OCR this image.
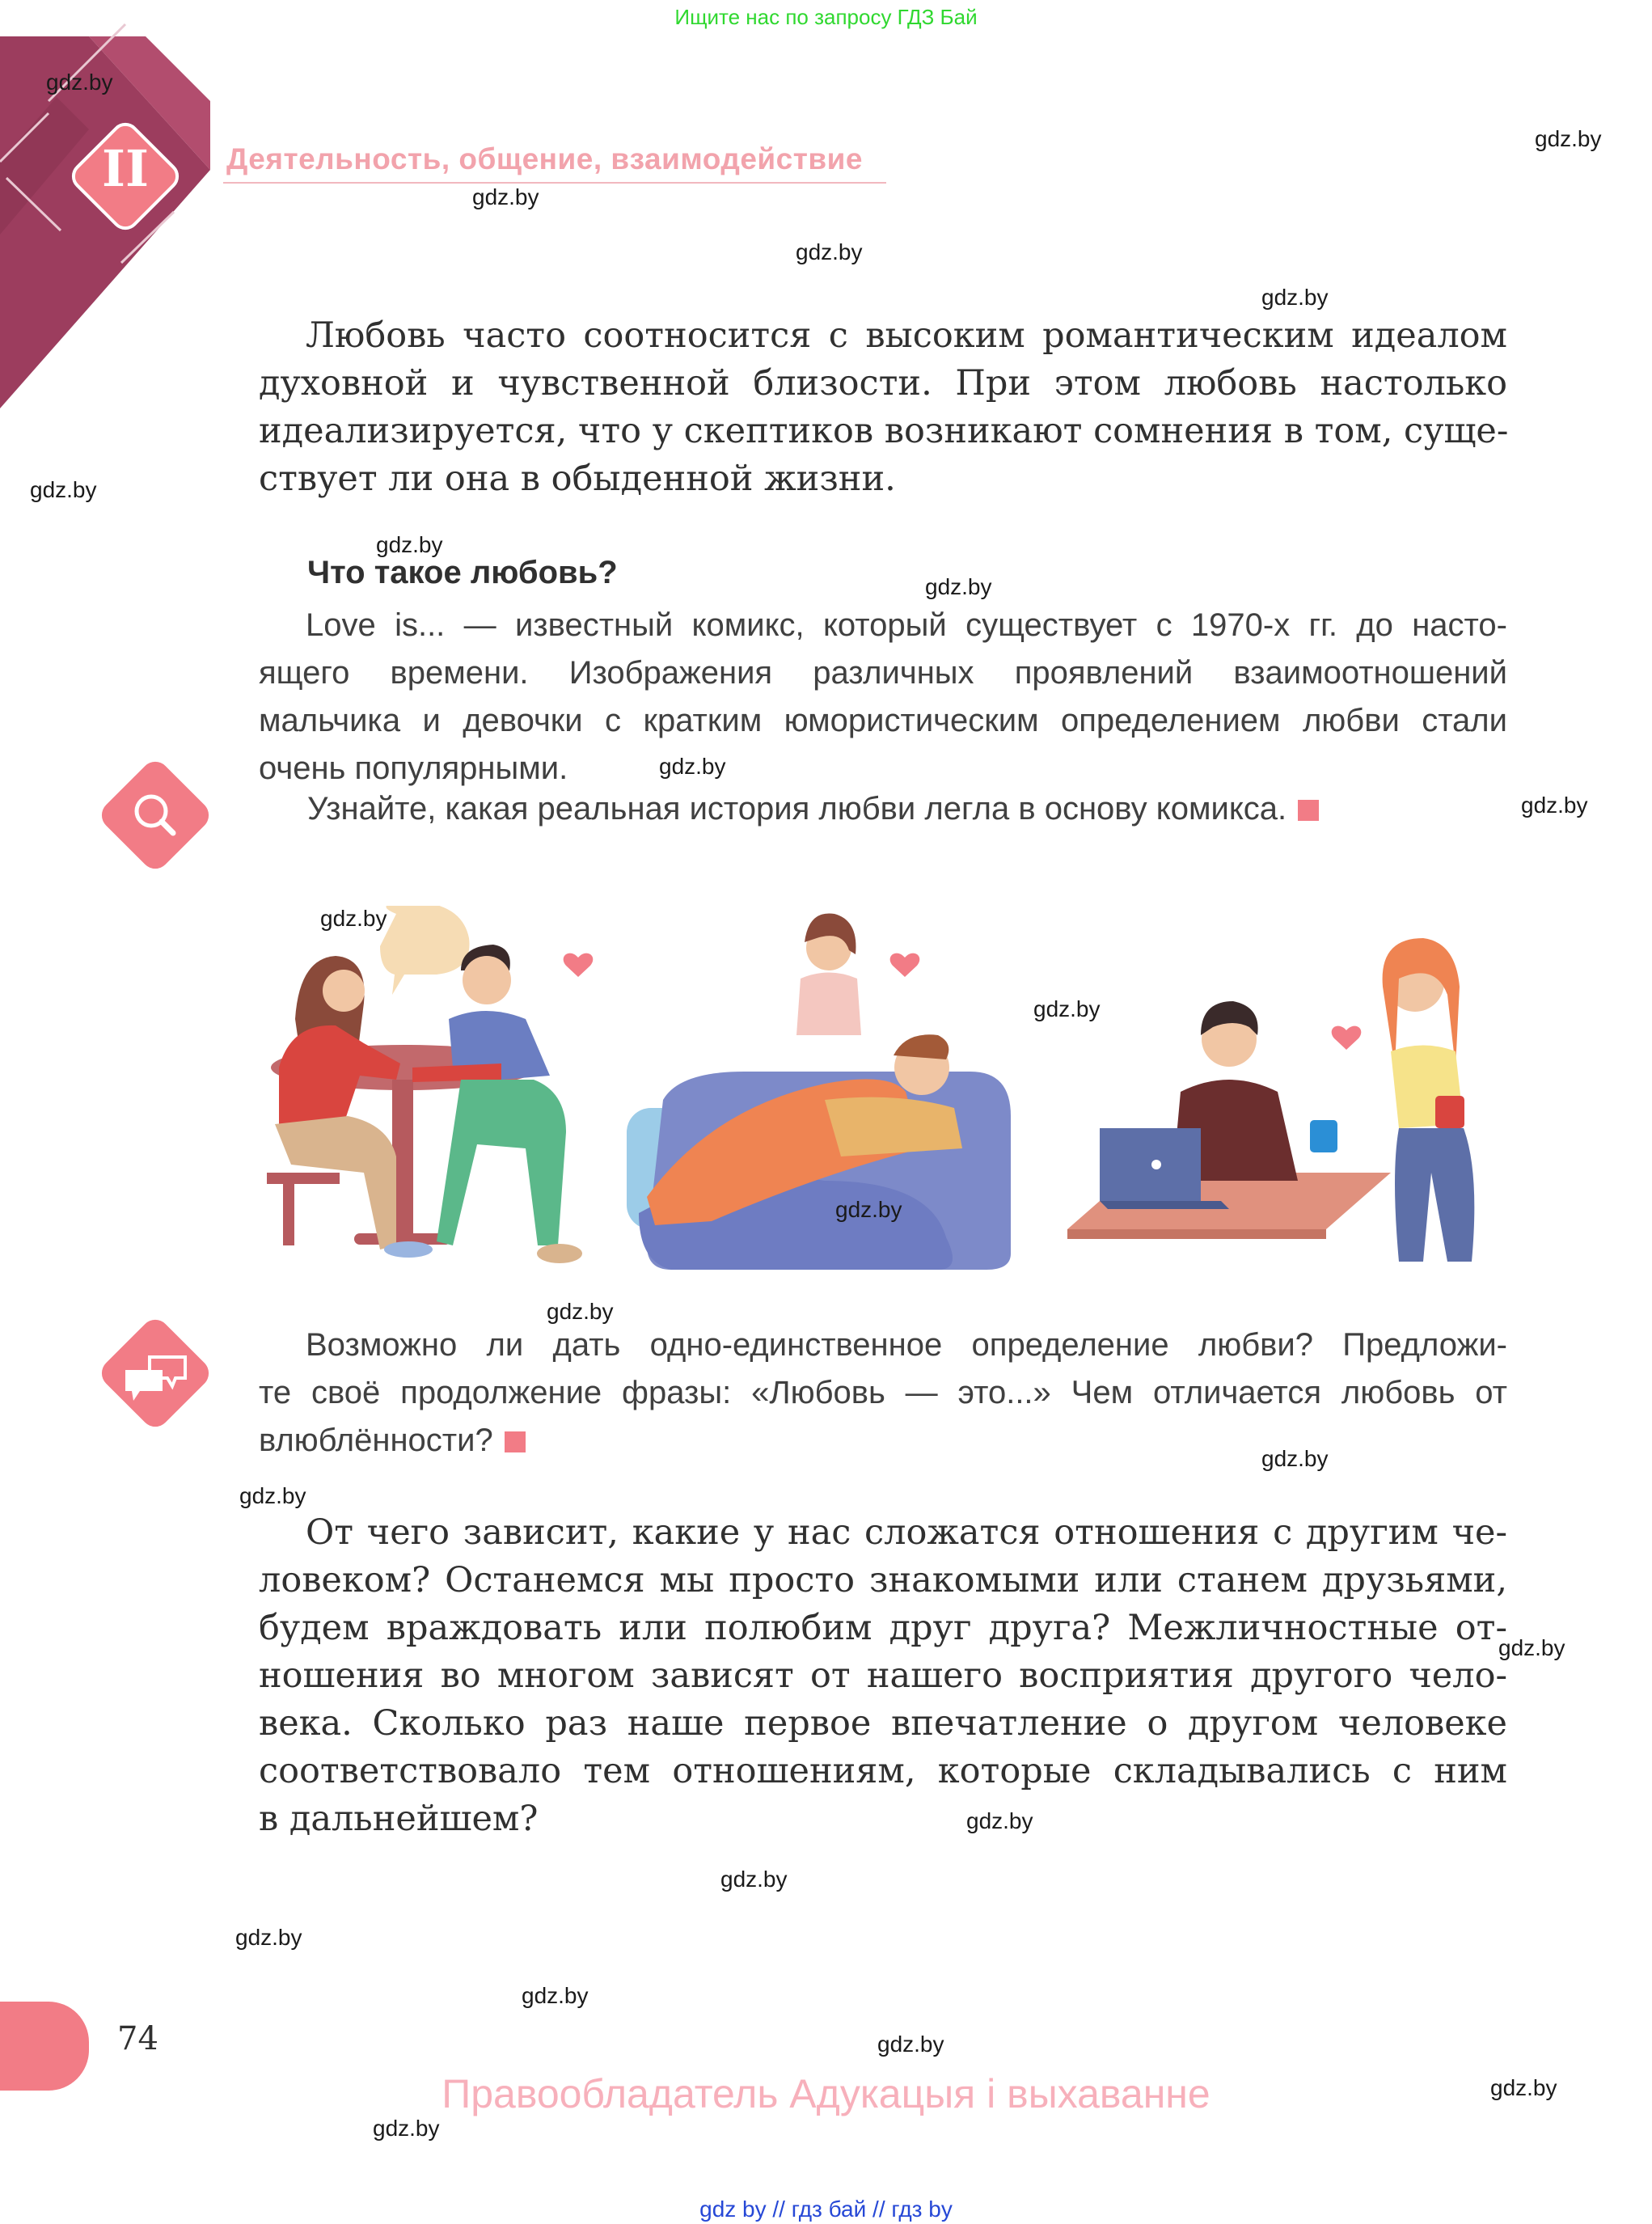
Ищите нас по запросу ГДЗ Бай
II	Деятельность, общение, взаимодействие
Любовь часто соотносится с высоким романтическим идеалом
духовной и чувственной близости. При этом любовь настолько
идеализируется, что у скептиков возникают сомнения в том, суще-
ствует ли она в обыденной жизни.
Что такое любовь?
Love is... — известный комикс, который существует с 1970-х гг. до насто-
ящего времени. Изображения различных проявлений взаимоотношений
мальчика и девочки с кратким юмористическим определением любви стали
очень популярными.
Узнайте, какая реальная история любви легла в основу комикса.
Возможно ли дать одно-единственное определение любви? Предложи-
те своё продолжение фразы: «Любовь — это...» Чем отличается любовь от
влюблённости?
От чего зависит, какие у нас сложатся отношения с другим че-
ловеком? Останемся мы просто знакомыми или станем друзьями,
будем враждовать или полюбим друг друга? Межличностные от-
ношения во многом зависят от нашего восприятия другого чело-
века. Сколько раз наше первое впечатление о другом человеке
соответствовало тем отношениям, которые складывались с ним
в дальнейшем?
74
Правообладатель Адукацыя і выхаванне
gdz by // гдз бай // гдз by
gdz.by
gdz.by
gdz.by
gdz.by
gdz.by
gdz.by
gdz.by
gdz.by
gdz.by
gdz.by
gdz.by
gdz.by
gdz.by
gdz.by
gdz.by
gdz.by
gdz.by
gdz.by
gdz.by
gdz.by
gdz.by
gdz.by
gdz.by
gdz.by
